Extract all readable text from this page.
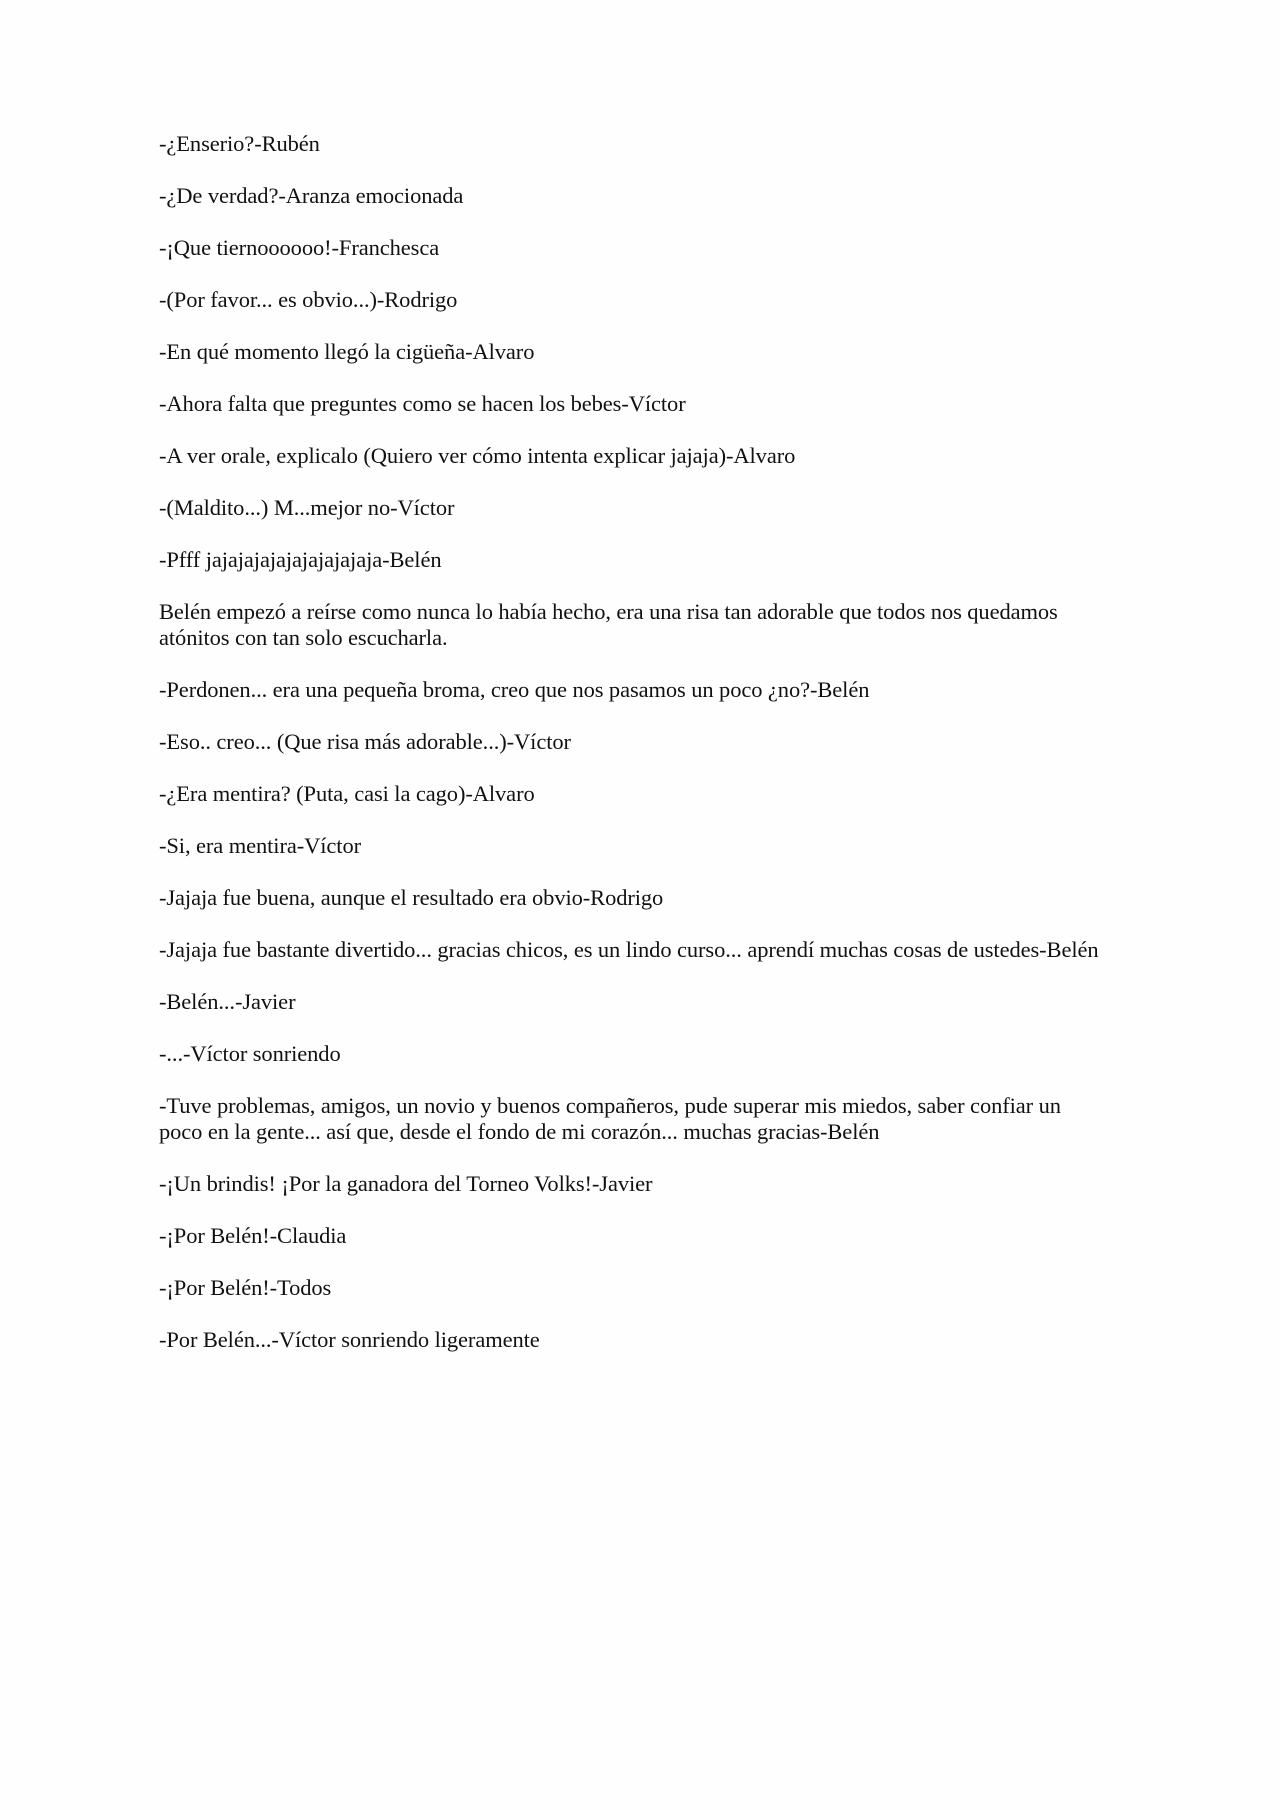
-¿Enserio?-Rubén

-¿De verdad?-Aranza emocionada

-¡Que tiernoooooo!-Franchesca

-(Por favor... es obvio...)-Rodrigo

-En qué momento llegó la cigüeña-Alvaro

-Ahora falta que preguntes como se hacen los bebes-Víctor

-A ver orale, explicalo (Quiero ver cómo intenta explicar jajaja)-Alvaro

-(Maldito...) M...mejor no-Víctor

-Pfff jajajajajajajajajajaja-Belén

Belén empezó a reírse como nunca lo había hecho, era una risa tan adorable que todos nos quedamos atónitos con tan solo escucharla.

-Perdonen... era una pequeña broma, creo que nos pasamos un poco ¿no?-Belén

-Eso.. creo... (Que risa más adorable...)-Víctor

-¿Era mentira? (Puta, casi la cago)-Alvaro

-Si, era mentira-Víctor

-Jajaja fue buena, aunque el resultado era obvio-Rodrigo

-Jajaja fue bastante divertido... gracias chicos, es un lindo curso... aprendí muchas cosas de ustedes-Belén

-Belén...-Javier

-...-Víctor sonriendo

-Tuve problemas, amigos, un novio y buenos compañeros, pude superar mis miedos, saber confiar un poco en la gente... así que, desde el fondo de mi corazón... muchas gracias-Belén

-¡Un brindis! ¡Por la ganadora del Torneo Volks!-Javier

-¡Por Belén!-Claudia

-¡Por Belén!-Todos

-Por Belén...-Víctor sonriendo ligeramente
